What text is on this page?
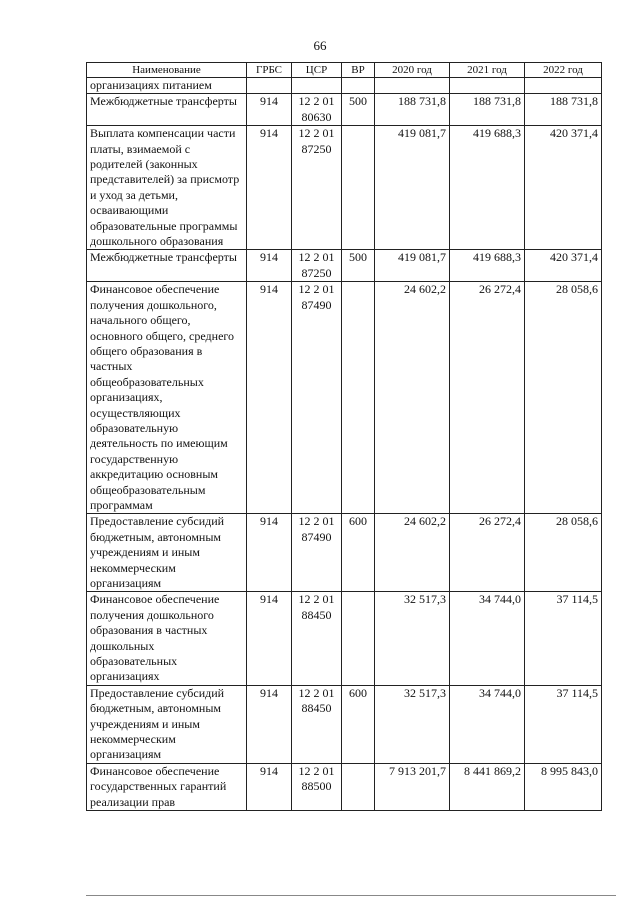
66
Наименование	ГРБС	ЦСР	ВР	2020 год	2021 год	2022 год
организациях питанием						
Межбюджетные трансферты	914	12 2 01 80630	500	188 731,8	188 731,8	188 731,8
Выплата компенсации части платы, взимаемой с родителей (законных представителей) за присмотр и уход за детьми, осваивающими образовательные программы дошкольного образования	914	12 2 01 87250		419 081,7	419 688,3	420 371,4
Межбюджетные трансферты	914	12 2 01 87250	500	419 081,7	419 688,3	420 371,4
Финансовое обеспечение получения дошкольного, начального общего, основного общего, среднего общего образования в частных общеобразовательных организациях, осуществляющих образовательную деятельность по имеющим государственную аккредитацию основным общеобразовательным программам	914	12 2 01 87490		24 602,2	26 272,4	28 058,6
Предоставление субсидий бюджетным, автономным учреждениям и иным некоммерческим организациям	914	12 2 01 87490	600	24 602,2	26 272,4	28 058,6
Финансовое обеспечение получения дошкольного образования в частных дошкольных образовательных организациях	914	12 2 01 88450		32 517,3	34 744,0	37 114,5
Предоставление субсидий бюджетным, автономным учреждениям и иным некоммерческим организациям	914	12 2 01 88450	600	32 517,3	34 744,0	37 114,5
Финансовое обеспечение государственных гарантий реализации прав	914	12 2 01 88500		7 913 201,7	8 441 869,2	8 995 843,0
